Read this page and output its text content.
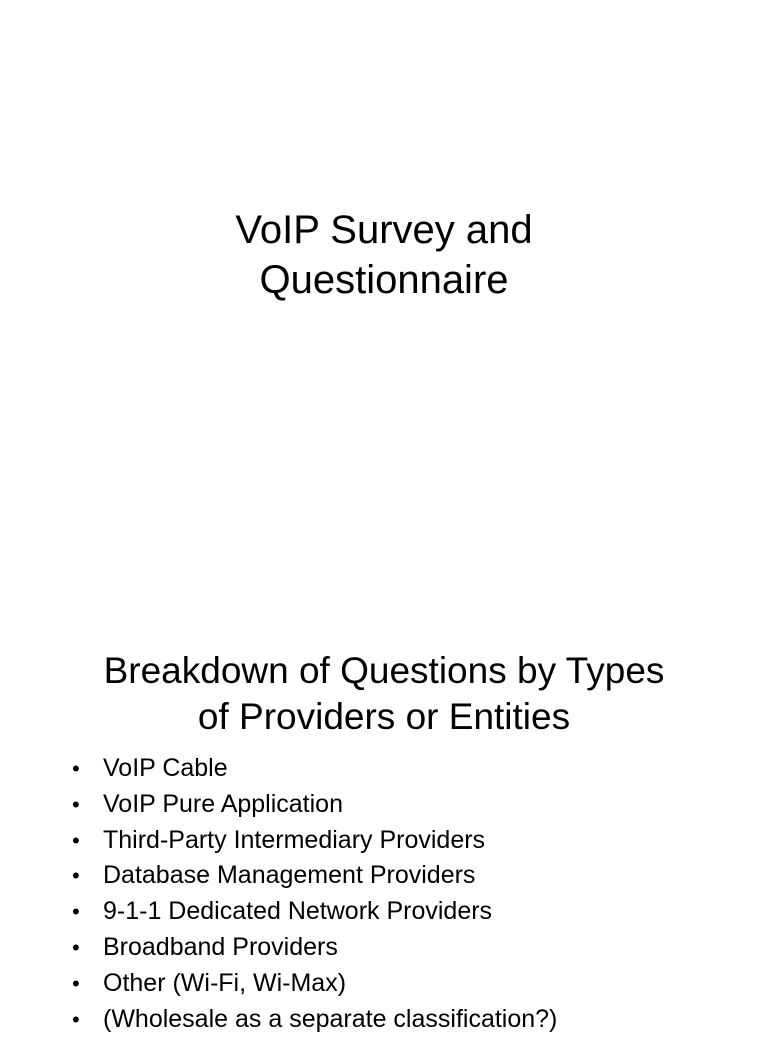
VoIP Survey and
Questionnaire
Breakdown of Questions by Types
of Providers or Entities
• VoIP Cable
• VoIP Pure Application
• Third-Party Intermediary Providers
• Database Management Providers
• 9-1-1 Dedicated Network Providers
• Broadband Providers
• Other (Wi-Fi, Wi-Max)
• (Wholesale as a separate classification?)
